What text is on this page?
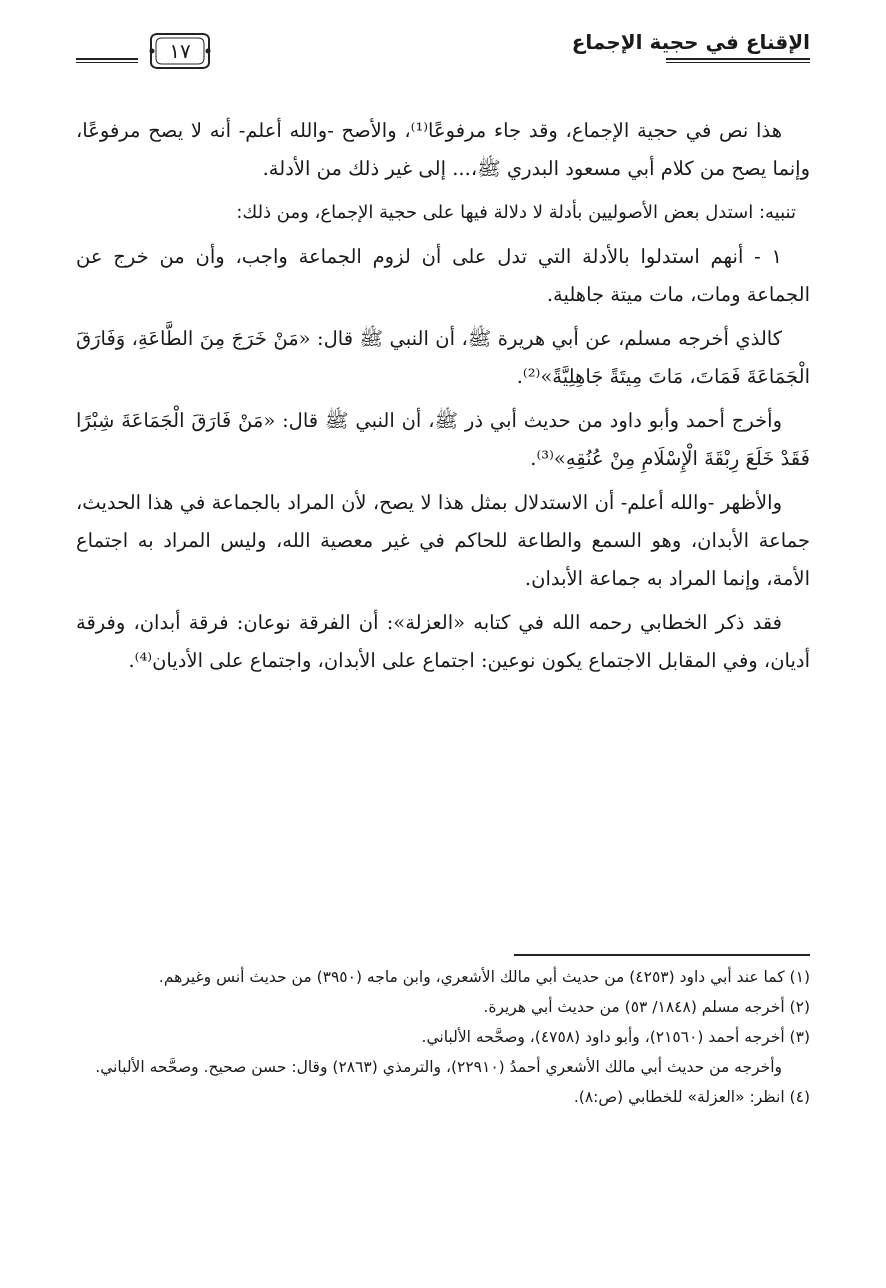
الإقناع في حجية الإجماع
١٧

هذا نص في حجية الإجماع، وقد جاء مرفوعًا⁽¹⁾، والأصح -والله أعلم- أنه لا يصح مرفوعًا، وإنما يصح من كلام أبي مسعود البدري ﷺ،... إلى غير ذلك من الأدلة.

تنبيه: استدل بعض الأصوليين بأدلة لا دلالة فيها على حجية الإجماع، ومن ذلك:

١ - أنهم استدلوا بالأدلة التي تدل على أن لزوم الجماعة واجب، وأن من خرج عن الجماعة ومات، مات ميتة جاهلية.

كالذي أخرجه مسلم، عن أبي هريرة ﷺ، أن النبي ﷺ قال: «مَنْ خَرَجَ مِنَ الطَّاعَةِ، وَفَارَقَ الْجَمَاعَةَ فَمَاتَ، مَاتَ مِيتَةً جَاهِلِيَّةً»⁽²⁾.

وأخرج أحمد وأبو داود من حديث أبي ذر ﷺ، أن النبي ﷺ قال: «مَنْ فَارَقَ الْجَمَاعَةَ شِبْرًا فَقَدْ خَلَعَ رِبْقَةَ الْإِسْلَامِ مِنْ عُنُقِهِ»⁽³⁾.

والأظهر -والله أعلم- أن الاستدلال بمثل هذا لا يصح، لأن المراد بالجماعة في هذا الحديث، جماعة الأبدان، وهو السمع والطاعة للحاكم في غير معصية الله، وليس المراد به اجتماع الأمة، وإنما المراد به جماعة الأبدان.

فقد ذكر الخطابي رحمه الله في كتابه «العزلة»: أن الفرقة نوعان: فرقة أبدان، وفرقة أديان، وفي المقابل الاجتماع يكون نوعين: اجتماع على الأبدان، واجتماع على الأديان⁽⁴⁾.

(١) كما عند أبي داود (٤٢٥٣) من حديث أبي مالك الأشعري، وابن ماجه (٣٩٥٠) من حديث أنس وغيرهم.

(٢) أخرجه مسلم (١٨٤٨/ ٥٣) من حديث أبي هريرة.

(٣) أخرجه أحمد (٢١٥٦٠)، وأبو داود (٤٧٥٨)، وصحَّحه الألباني.

وأخرجه من حديث أبي مالك الأشعري أحمدُ (٢٢٩١٠)، والترمذي (٢٨٦٣) وقال: حسن صحيح. وصحَّحه الألباني.

(٤) انظر: «العزلة» للخطابي (ص:٨).
